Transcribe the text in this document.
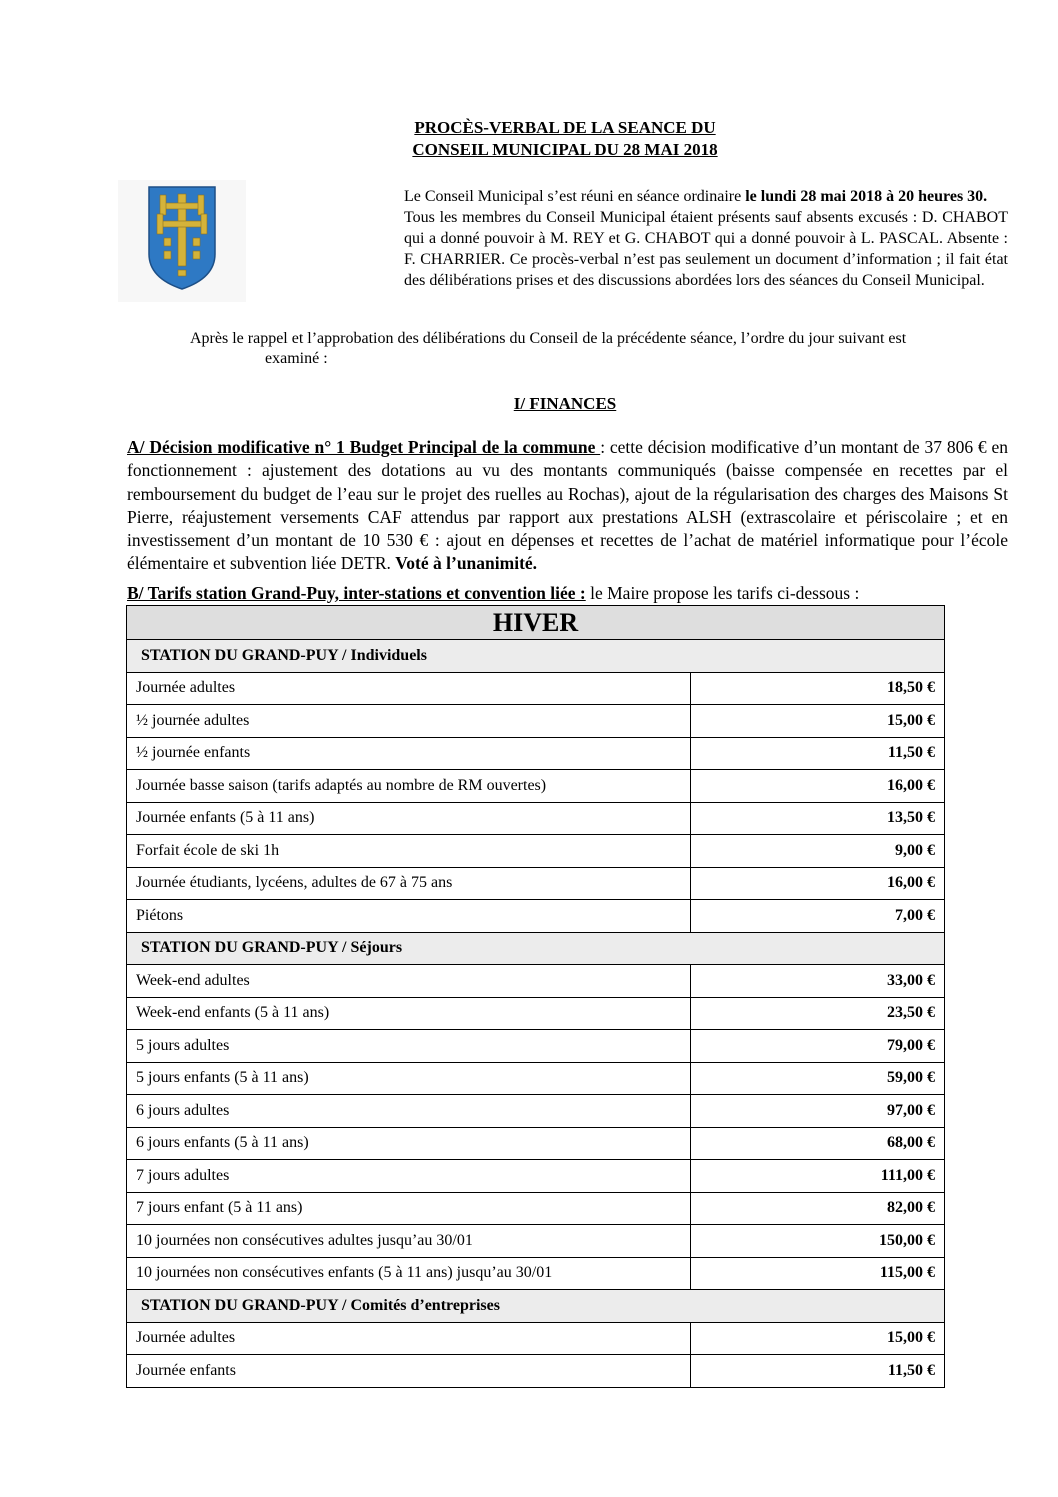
PROCÈS-VERBAL DE LA SEANCE DU
CONSEIL MUNICIPAL DU 28 MAI 2018

Le Conseil Municipal s’est réuni en séance ordinaire le lundi 28 mai 2018 à 20 heures 30.

Tous les membres du Conseil Municipal étaient présents sauf absents excusés : D. CHABOT qui a donné pouvoir à M. REY et G. CHABOT qui a donné pouvoir à L. PASCAL. Absente : F. CHARRIER. Ce procès-verbal n’est pas seulement un document d’information ; il fait état des délibérations prises et des discussions abordées lors des séances du Conseil Municipal.

Après le rappel et l’approbation des délibérations du Conseil de la précédente séance, l’ordre du jour suivant est
examiné :
I/ FINANCES
A/ Décision modificative n° 1 Budget Principal de la commune : cette décision modificative d’un montant de 37 806 € en fonctionnement : ajustement des dotations au vu des montants communiqués (baisse compensée en recettes par el remboursement du budget de l’eau sur le projet des ruelles au Rochas), ajout de la régularisation des charges des Maisons St Pierre, réajustement versements CAF attendus par rapport aux prestations ALSH (extrascolaire et périscolaire ; et en investissement d’un montant de 10 530 € : ajout en dépenses et recettes de l’achat de matériel informatique pour l’école élémentaire et subvention liée DETR. Voté à l’unanimité.
B/ Tarifs station Grand-Puy, inter-stations et convention liée : le Maire propose les tarifs ci-dessous :
HIVER	
STATION DU GRAND-PUY / Individuels	
Journée adultes	18,50 €
½ journée adultes	15,00 €
½ journée enfants	11,50 €
Journée basse saison (tarifs adaptés au nombre de RM ouvertes)	16,00 €
Journée enfants (5 à 11 ans)	13,50 €
Forfait école de ski 1h	9,00 €
Journée étudiants, lycéens, adultes de 67 à 75 ans	16,00 €
Piétons	7,00 €
STATION DU GRAND-PUY / Séjours	
Week-end adultes	33,00 €
Week-end enfants (5 à 11 ans)	23,50 €
5 jours adultes	79,00 €
5 jours enfants (5 à 11 ans)	59,00 €
6 jours adultes	97,00 €
6 jours enfants (5 à 11 ans)	68,00 €
7 jours adultes	111,00 €
7 jours enfant (5 à 11 ans)	82,00 €
10 journées non consécutives adultes jusqu’au 30/01	150,00 €
10 journées non consécutives enfants (5 à 11 ans) jusqu’au 30/01	115,00 €
STATION DU GRAND-PUY / Comités d’entreprises	
Journée adultes	15,00 €
Journée enfants	11,50 €
